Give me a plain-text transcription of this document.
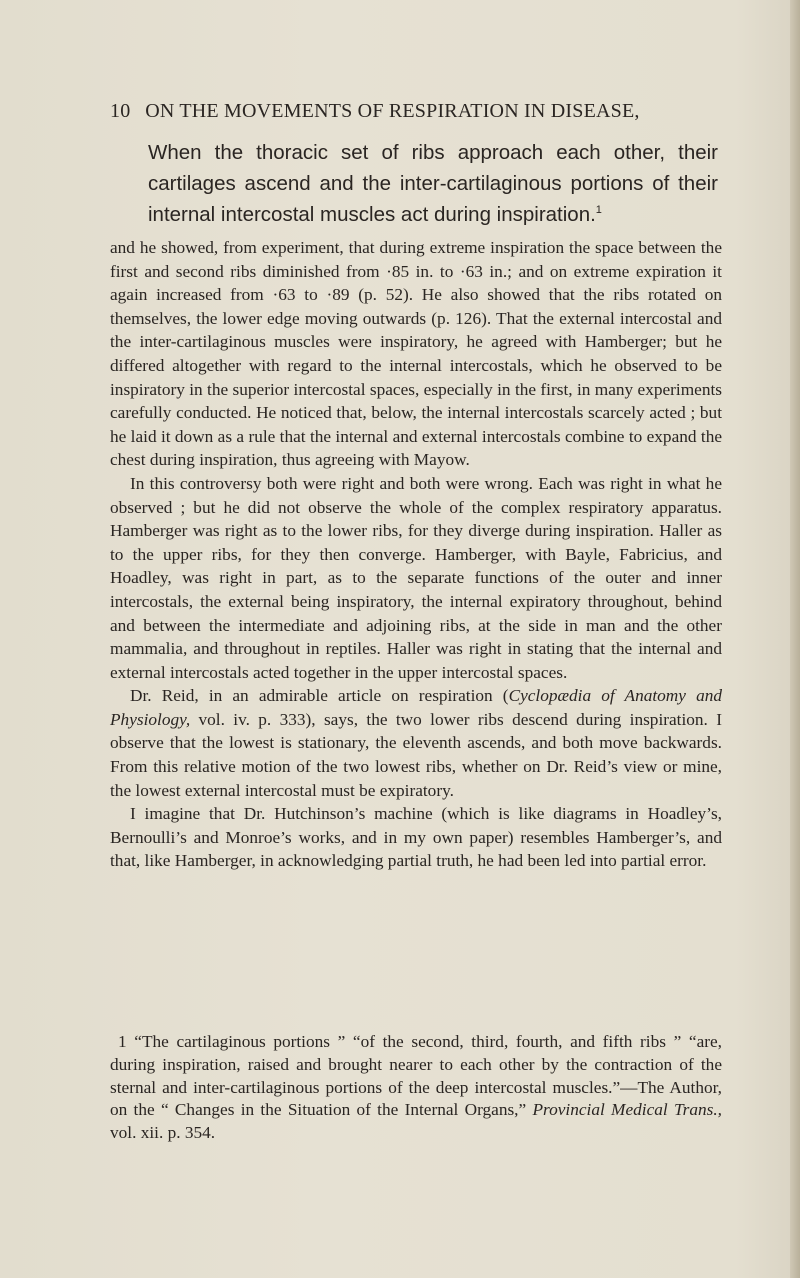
10 ON THE MOVEMENTS OF RESPIRATION IN DISEASE,
When the thoracic set of ribs approach each other, their cartilages ascend and the inter-cartilaginous portions of their internal intercostal muscles act during inspiration.$^1$

and he showed, from experiment, that during extreme inspiration the space between the first and second ribs diminished from ·85 in. to ·63 in.; and on extreme expiration it again increased from ·63 to ·89 (p. 52). He also showed that the ribs rotated on themselves, the lower edge moving outwards (p. 126). That the external intercostal and the inter-cartilaginous muscles were inspiratory, he agreed with Hamberger; but he differed altogether with regard to the internal intercostals, which he observed to be inspiratory in the superior intercostal spaces, especially in the first, in many experiments carefully conducted. He noticed that, below, the internal intercostals scarcely acted ; but he laid it down as a rule that the internal and external intercostals combine to expand the chest during inspiration, thus agreeing with Mayow.

In this controversy both were right and both were wrong. Each was right in what he observed ; but he did not observe the whole of the complex respiratory apparatus. Hamberger was right as to the lower ribs, for they diverge during inspiration. Haller as to the upper ribs, for they then converge. Hamberger, with Bayle, Fabricius, and Hoadley, was right in part, as to the separate functions of the outer and inner intercostals, the external being inspiratory, the internal expiratory throughout, behind and between the intermediate and adjoining ribs, at the side in man and the other mammalia, and throughout in reptiles. Haller was right in stating that the internal and external intercostals acted together in the upper intercostal spaces.

Dr. Reid, in an admirable article on respiration (Cyclopædia of Anatomy and Physiology, vol. iv. p. 333), says, the two lower ribs descend during inspiration. I observe that the lowest is stationary, the eleventh ascends, and both move backwards. From this relative motion of the two lowest ribs, whether on Dr. Reid’s view or mine, the lowest external intercostal must be expiratory.

I imagine that Dr. Hutchinson’s machine (which is like diagrams in Hoadley’s, Bernoulli’s and Monroe’s works, and in my own paper) resembles Hamberger’s, and that, like Hamberger, in acknowledging partial truth, he had been led into partial error.

1 “The cartilaginous portions ” “of the second, third, fourth, and fifth ribs ” “are, during inspiration, raised and brought nearer to each other by the contraction of the sternal and inter-cartilaginous portions of the deep intercostal muscles.”—The Author, on the “ Changes in the Situation of the Internal Organs,” Provincial Medical Trans., vol. xii. p. 354.
